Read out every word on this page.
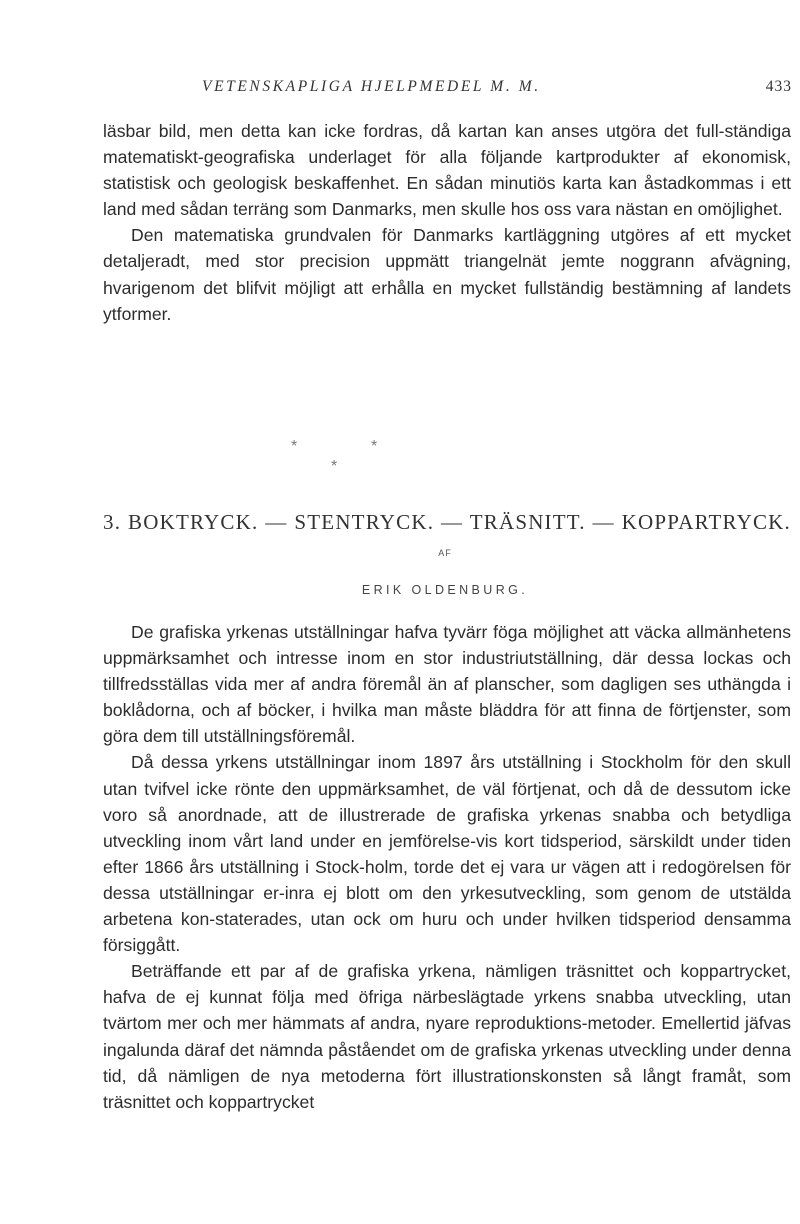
VETENSKAPLIGA HJELPMEDEL M. M.	433

läsbar bild, men detta kan icke fordras, då kartan kan anses utgöra det full-ständiga matematiskt-geografiska underlaget för alla följande kartprodukter af ekonomisk, statistisk och geologisk beskaffenhet. En sådan minutiös karta kan åstadkommas i ett land med sådan terräng som Danmarks, men skulle hos oss vara nästan en omöjlighet.

Den matematiska grundvalen för Danmarks kartläggning utgöres af ett mycket detaljeradt, med stor precision uppmätt triangelnät jemte noggrann afvägning, hvarigenom det blifvit möjligt att erhålla en mycket fullständig bestämning af landets ytformer.

*	*
*
3. BOKTRYCK. — STENTRYCK. — TRÄSNITT. — KOPPARTRYCK.
AF
ERIK OLDENBURG.

De grafiska yrkenas utställningar hafva tyvärr föga möjlighet att väcka allmänhetens uppmärksamhet och intresse inom en stor industriutställning, där dessa lockas och tillfredsställas vida mer af andra föremål än af planscher, som dagligen ses uthängda i boklådorna, och af böcker, i hvilka man måste bläddra för att finna de förtjenster, som göra dem till utställningsföremål.

Då dessa yrkens utställningar inom 1897 års utställning i Stockholm för den skull utan tvifvel icke rönte den uppmärksamhet, de väl förtjenat, och då de dessutom icke voro så anordnade, att de illustrerade de grafiska yrkenas snabba och betydliga utveckling inom vårt land under en jemförelse-vis kort tidsperiod, särskildt under tiden efter 1866 års utställning i Stock-holm, torde det ej vara ur vägen att i redogörelsen för dessa utställningar er-inra ej blott om den yrkesutveckling, som genom de utstälda arbetena kon-staterades, utan ock om huru och under hvilken tidsperiod densamma försiggått.

Beträffande ett par af de grafiska yrkena, nämligen träsnittet och koppartrycket, hafva de ej kunnat följa med öfriga närbeslägtade yrkens snabba utveckling, utan tvärtom mer och mer hämmats af andra, nyare reproduktions-metoder. Emellertid jäfvas ingalunda däraf det nämnda påståendet om de grafiska yrkenas utveckling under denna tid, då nämligen de nya metoderna fört illustrationskonsten så långt framåt, som träsnittet och koppartrycket
